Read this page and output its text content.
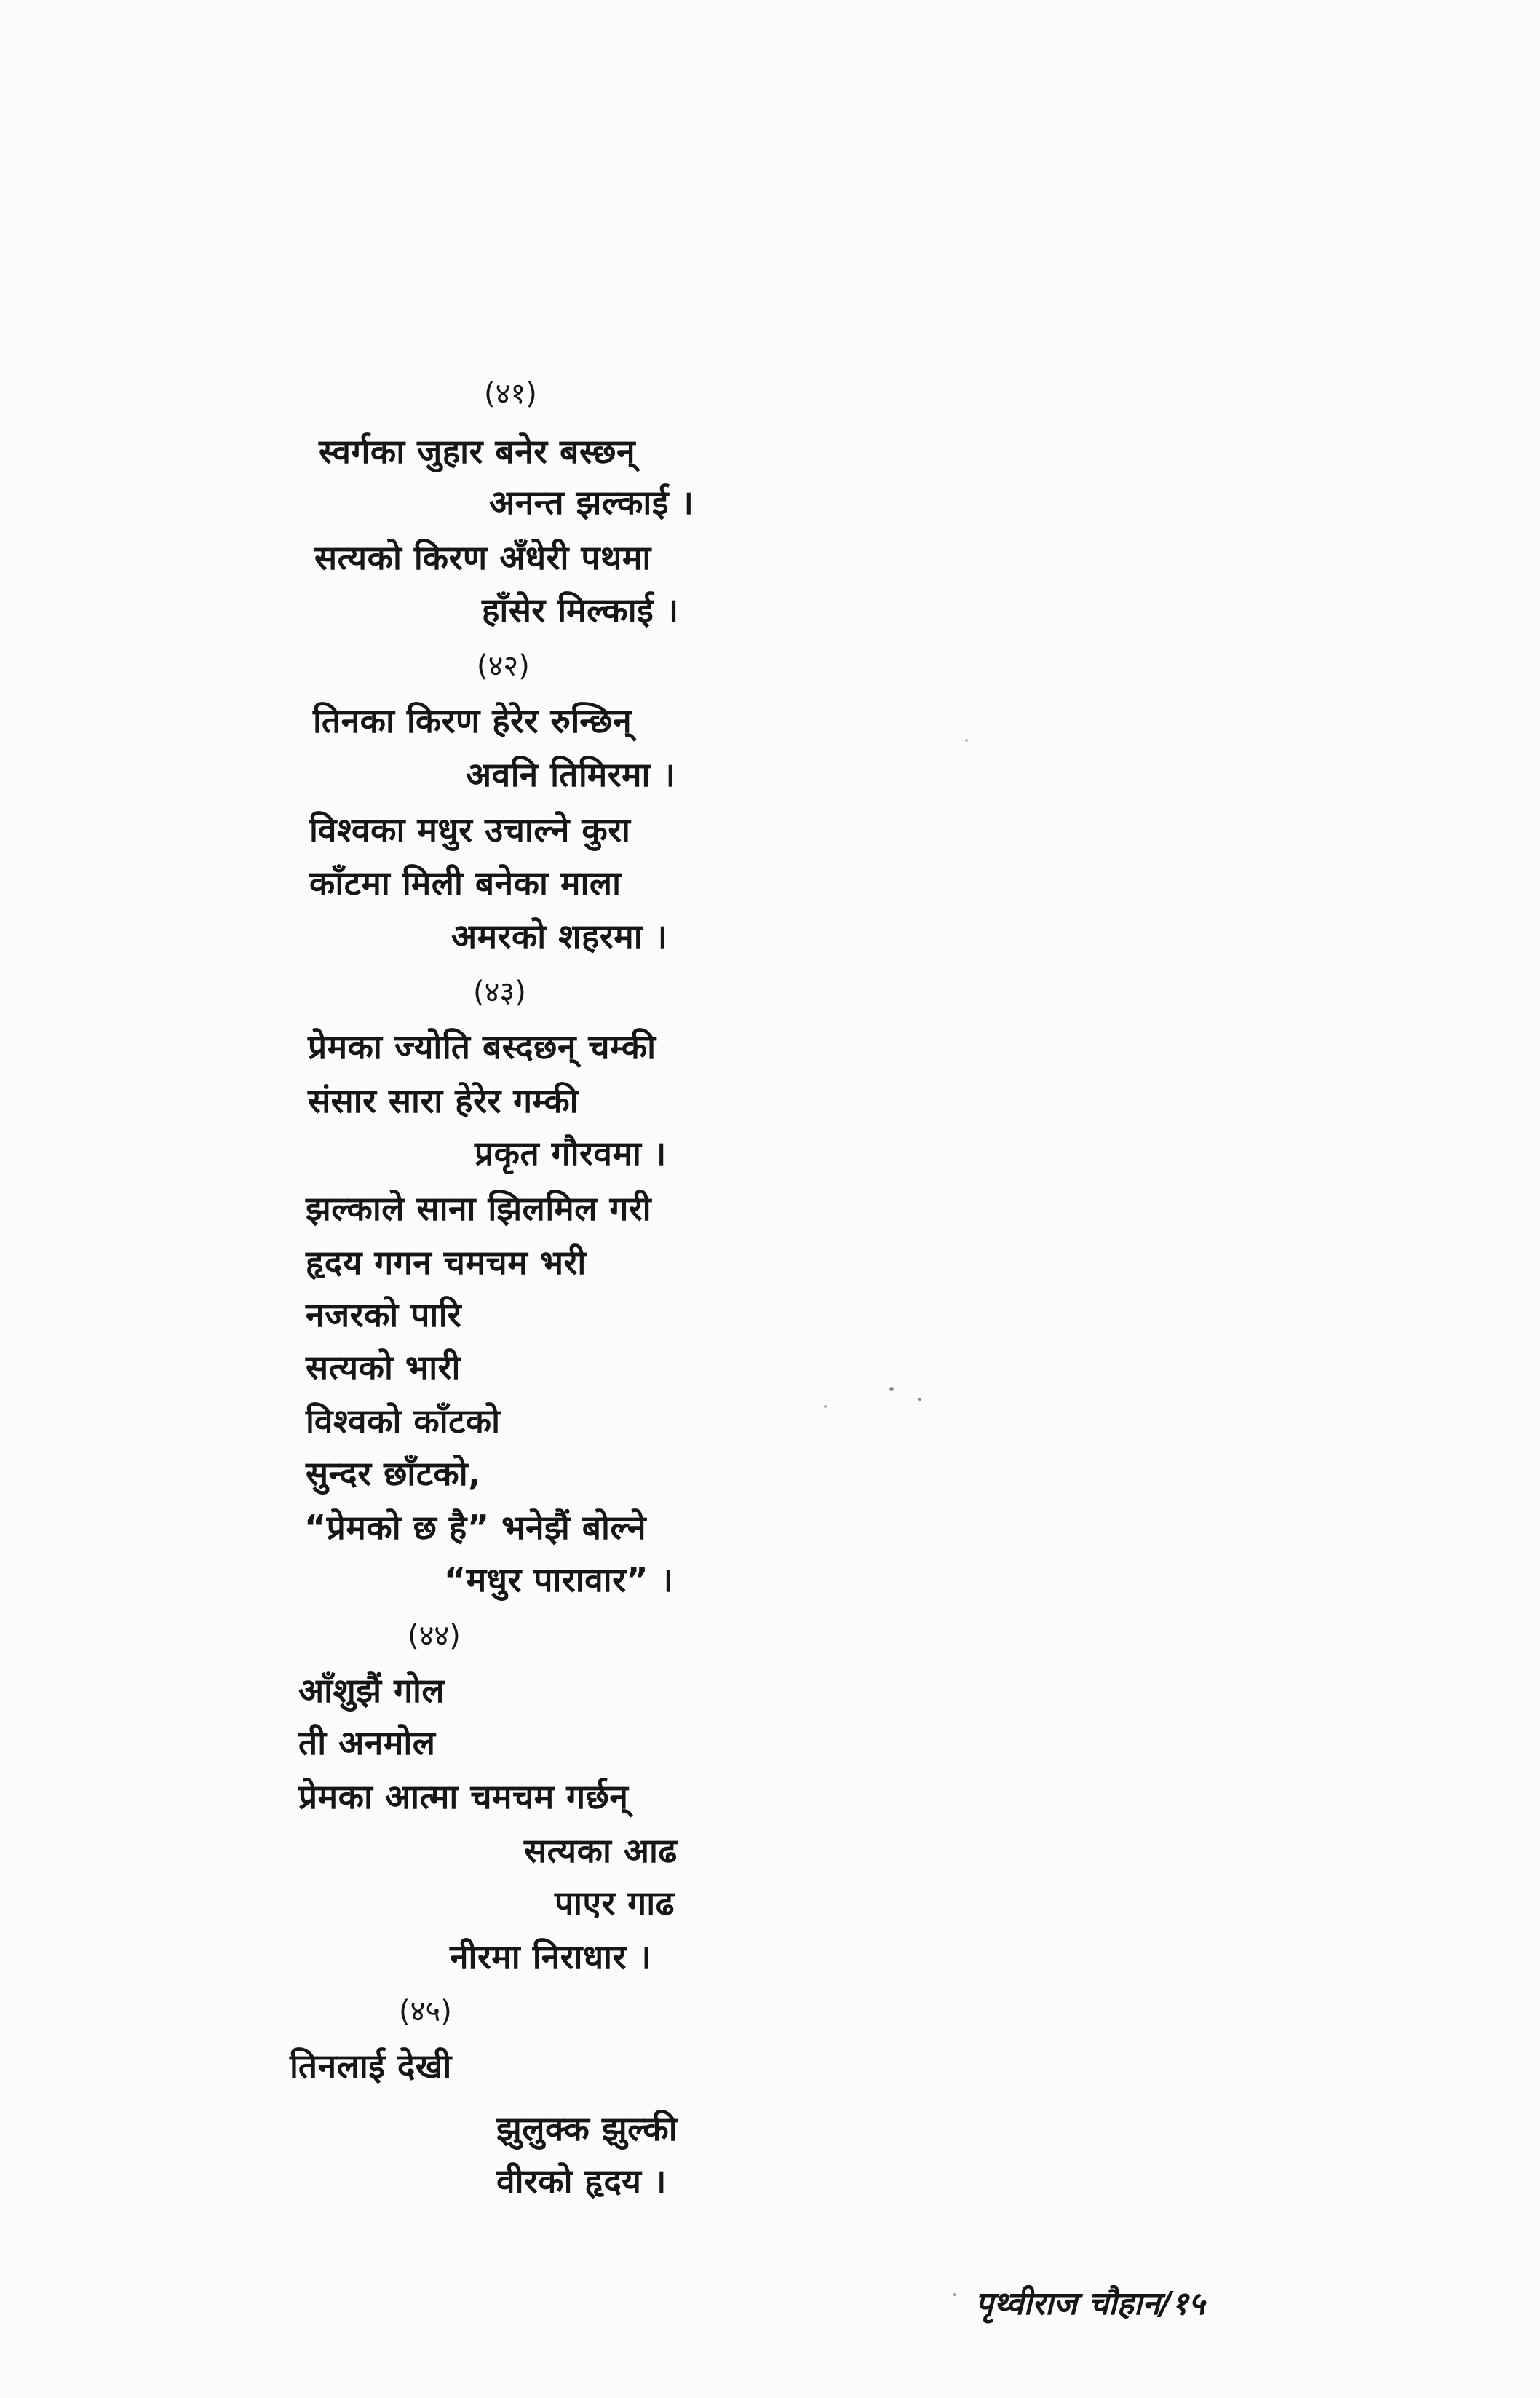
(४१)
स्वर्गका जुहार बनेर बस्छन्
अनन्त झल्काई ।
सत्यको किरण अँधेरी पथमा
हाँसेर मिल्काई ।
(४२)
तिनका किरण हेरेर रुन्छिन्
अवनि तिमिरमा ।
विश्वका मधुर उचाल्ने कुरा
काँटमा मिली बनेका माला
अमरको शहरमा ।
(४३)
प्रेमका ज्योति बस्दछन् चम्की
संसार सारा हेरेर गम्की
प्रकृत गौरवमा ।
झल्काले साना झिलमिल गरी
हृदय गगन चमचम भरी
नजरको पारि
सत्यको भारी
विश्वको काँटको
सुन्दर छाँटको,
“प्रेमको छ है” भनेझैं बोल्ने
“मधुर पारावार” ।
(४४)
आँशुझैं गोल
ती अनमोल
प्रेमका आत्मा चमचम गर्छन्
सत्यका आढ
पाएर गाढ
नीरमा निराधार ।
(४५)
तिनलाई देखी
झुलुक्क झुल्की
वीरको हृदय ।
पृथ्वीराज चौहान/१५
